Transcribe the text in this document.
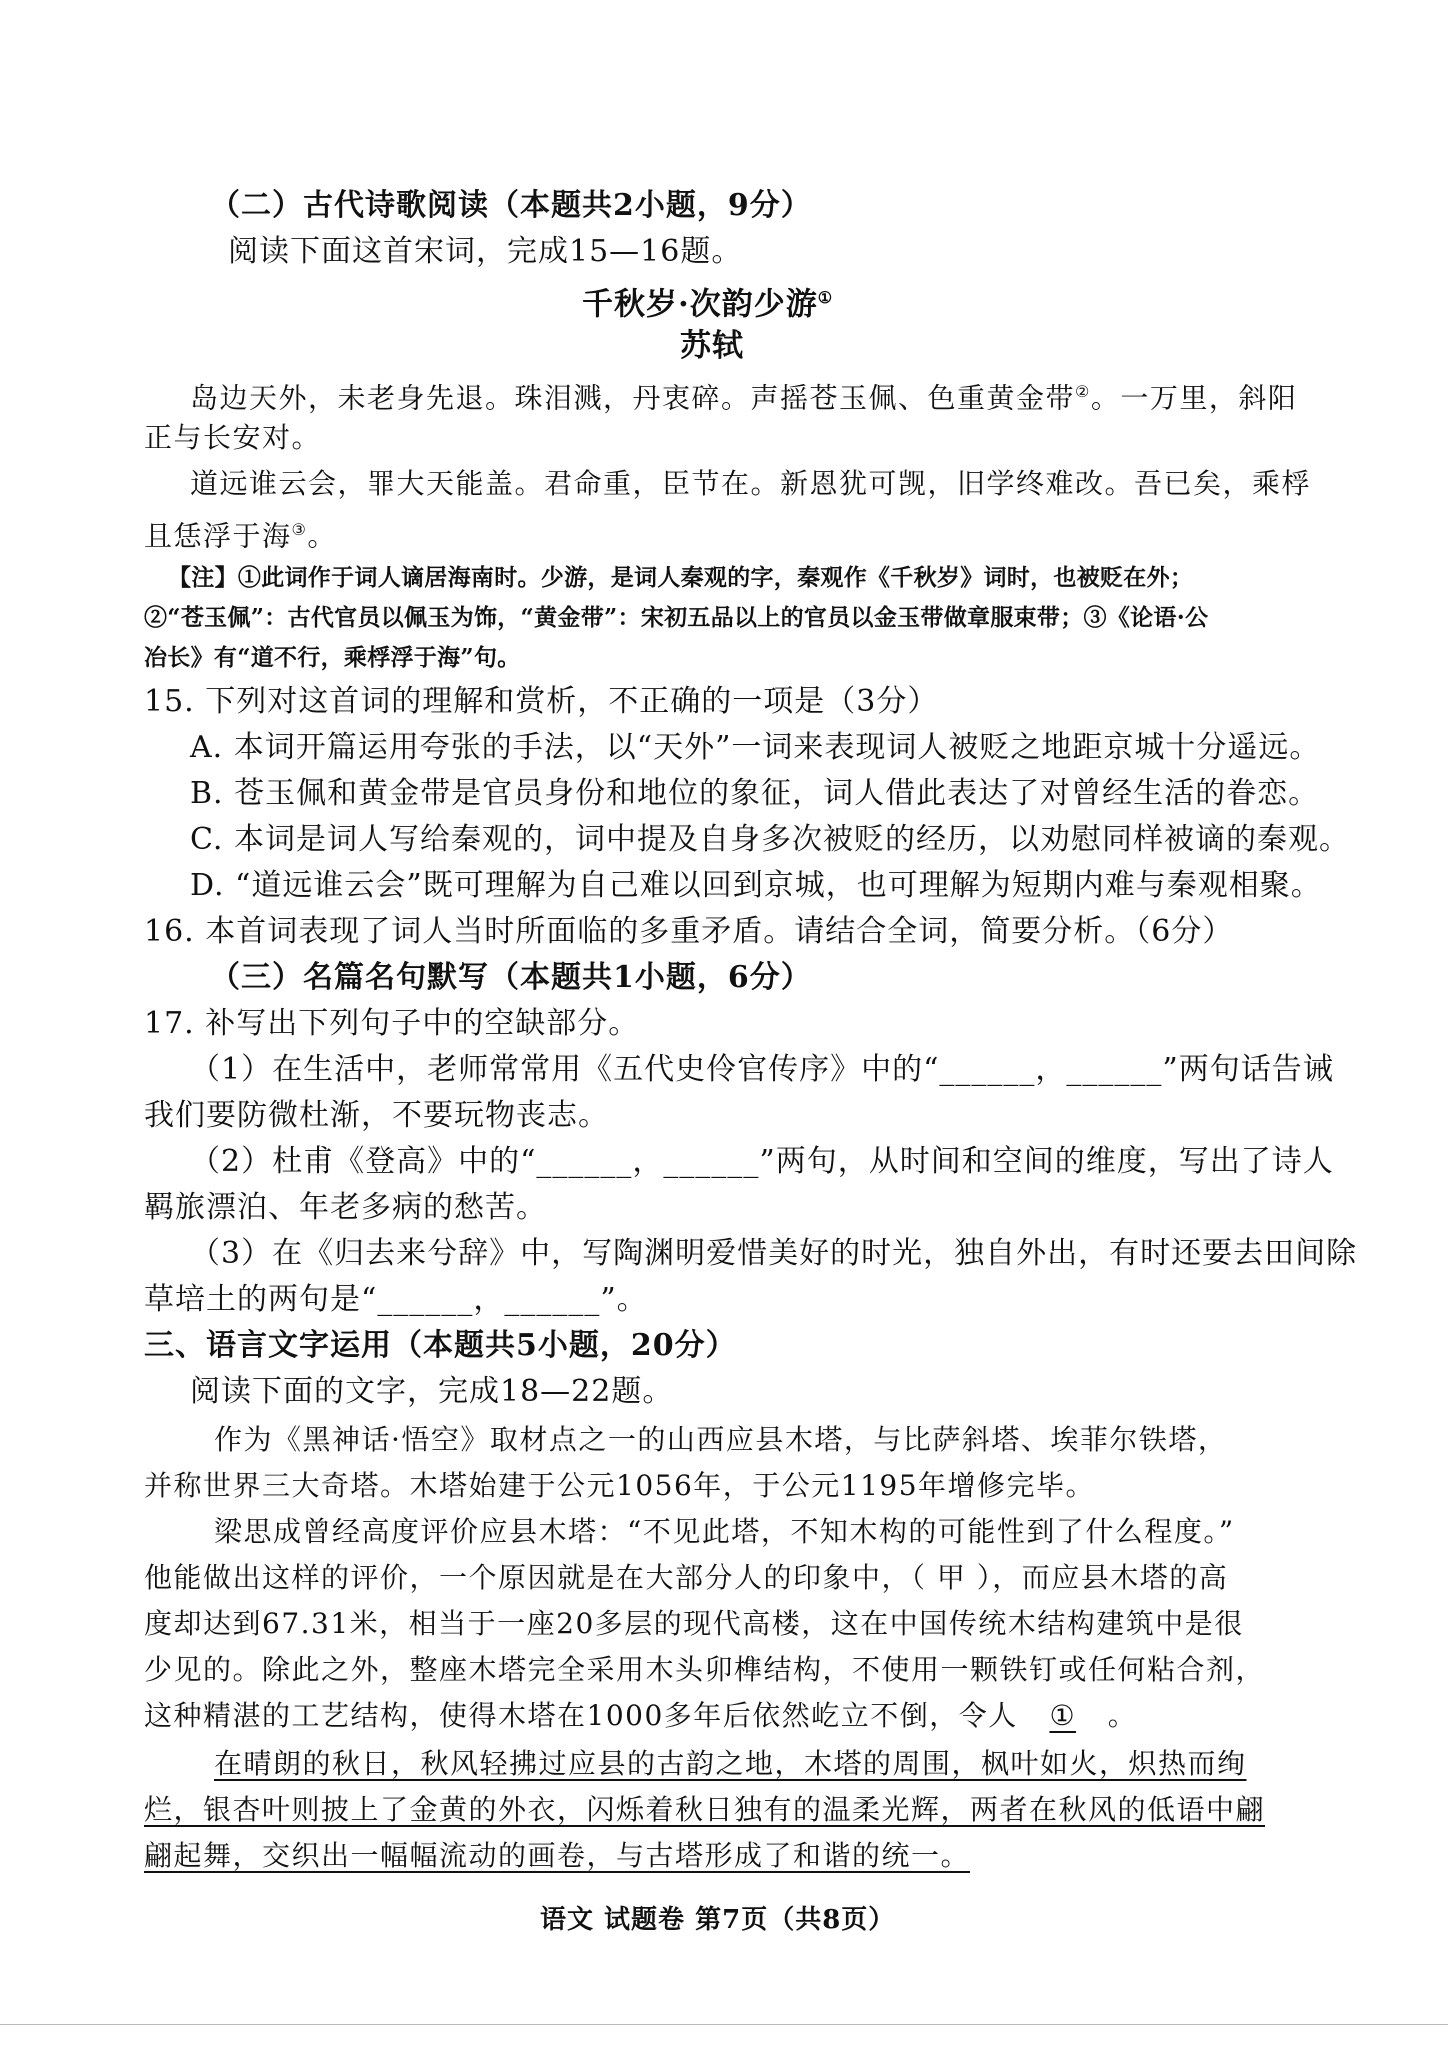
（二）古代诗歌阅读（本题共2小题，9分）
阅读下面这首宋词，完成15—16题。
千秋岁·次韵少游①
苏轼
岛边天外，未老身先退。珠泪溅，丹衷碎。声摇苍玉佩、色重黄金带②。一万里，斜阳
正与长安对。
道远谁云会，罪大天能盖。君命重，臣节在。新恩犹可觊，旧学终难改。吾已矣，乘桴
且恁浮于海③。
【注】①此词作于词人谪居海南时。少游，是词人秦观的字，秦观作《千秋岁》词时，也被贬在外；
②“苍玉佩”：古代官员以佩玉为饰，“黄金带”：宋初五品以上的官员以金玉带做章服束带；③《论语·公
冶长》有“道不行，乘桴浮于海”句。
15. 下列对这首词的理解和赏析，不正确的一项是（3分）
A. 本词开篇运用夸张的手法，以“天外”一词来表现词人被贬之地距京城十分遥远。
B. 苍玉佩和黄金带是官员身份和地位的象征，词人借此表达了对曾经生活的眷恋。
C. 本词是词人写给秦观的，词中提及自身多次被贬的经历，以劝慰同样被谪的秦观。
D. “道远谁云会”既可理解为自己难以回到京城，也可理解为短期内难与秦观相聚。
16. 本首词表现了词人当时所面临的多重矛盾。请结合全词，简要分析。（6分）
（三）名篇名句默写（本题共1小题，6分）
17. 补写出下列句子中的空缺部分。
（1）在生活中，老师常常用《五代史伶官传序》中的“______，______”两句话告诫
我们要防微杜渐，不要玩物丧志。
（2）杜甫《登高》中的“______，______”两句，从时间和空间的维度，写出了诗人
羁旅漂泊、年老多病的愁苦。
（3）在《归去来兮辞》中，写陶渊明爱惜美好的时光，独自外出，有时还要去田间除
草培土的两句是“______，______”。
三、语言文字运用（本题共5小题，20分）
阅读下面的文字，完成18—22题。
作为《黑神话·悟空》取材点之一的山西应县木塔，与比萨斜塔、埃菲尔铁塔，
并称世界三大奇塔。木塔始建于公元1056年，于公元1195年增修完毕。
梁思成曾经高度评价应县木塔：“不见此塔，不知木构的可能性到了什么程度。”
他能做出这样的评价，一个原因就是在大部分人的印象中，（ 甲 ），而应县木塔的高
度却达到67.31米，相当于一座20多层的现代高楼，这在中国传统木结构建筑中是很
少见的。除此之外，整座木塔完全采用木头卯榫结构，不使用一颗铁钉或任何粘合剂，
这种精湛的工艺结构，使得木塔在1000多年后依然屹立不倒，令人 ① 。
在晴朗的秋日，秋风轻拂过应县的古韵之地，木塔的周围，枫叶如火，炽热而绚
烂，银杏叶则披上了金黄的外衣，闪烁着秋日独有的温柔光辉，两者在秋风的低语中翩
翩起舞，交织出一幅幅流动的画卷，与古塔形成了和谐的统一。
语文 试题卷 第7页（共8页）
